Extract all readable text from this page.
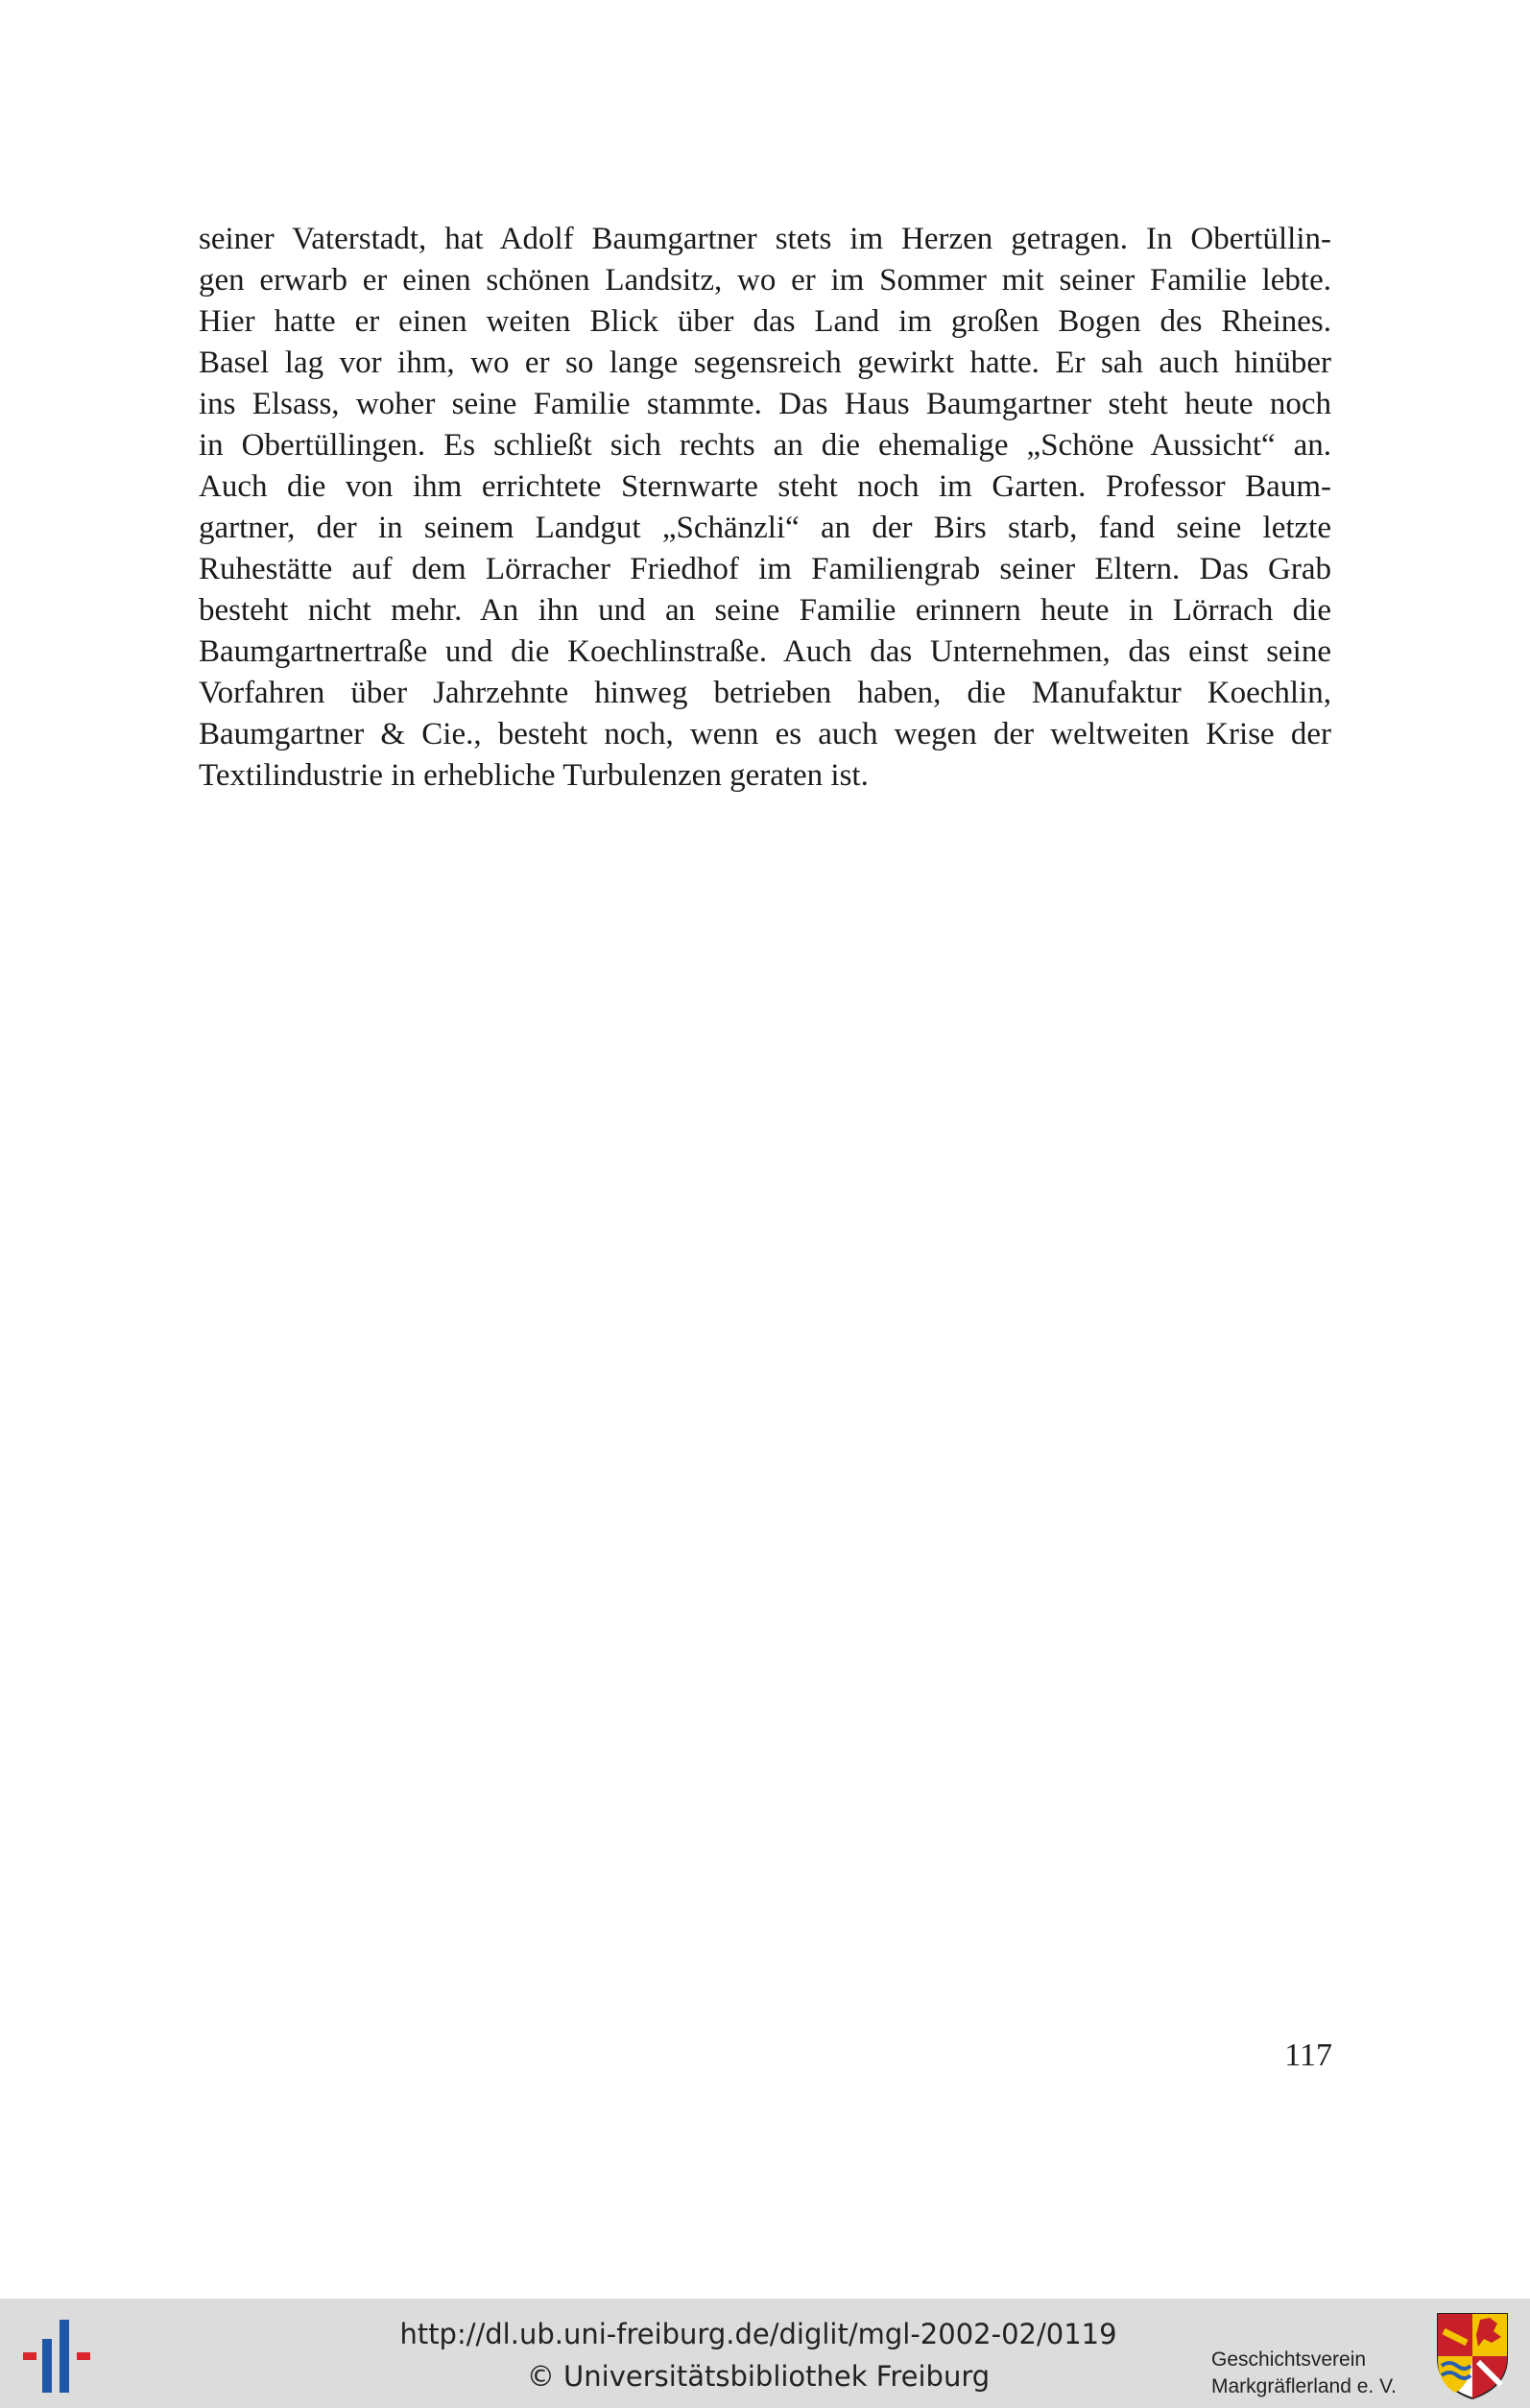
seiner Vaterstadt, hat Adolf Baumgartner stets im Herzen getragen. In Obertüllin-
gen erwarb er einen schönen Landsitz, wo er im Sommer mit seiner Familie lebte.
Hier hatte er einen weiten Blick über das Land im großen Bogen des Rheines.
Basel lag vor ihm, wo er so lange segensreich gewirkt hatte. Er sah auch hinüber
ins Elsass, woher seine Familie stammte. Das Haus Baumgartner steht heute noch
in Obertüllingen. Es schließt sich rechts an die ehemalige „Schöne Aussicht“ an.
Auch die von ihm errichtete Sternwarte steht noch im Garten. Professor Baum-
gartner, der in seinem Landgut „Schänzli“ an der Birs starb, fand seine letzte
Ruhestätte auf dem Lörracher Friedhof im Familiengrab seiner Eltern. Das Grab
besteht nicht mehr. An ihn und an seine Familie erinnern heute in Lörrach die
Baumgartnertraße und die Koechlinstraße. Auch das Unternehmen, das einst seine
Vorfahren über Jahrzehnte hinweg betrieben haben, die Manufaktur Koechlin,
Baumgartner & Cie., besteht noch, wenn es auch wegen der weltweiten Krise der
Textilindustrie in erhebliche Turbulenzen geraten ist.
117
http://dl.ub.uni-freiburg.de/diglit/mgl-2002-02/0119
© Universitätsbibliothek Freiburg
Geschichtsverein
Markgräflerland e. V.
